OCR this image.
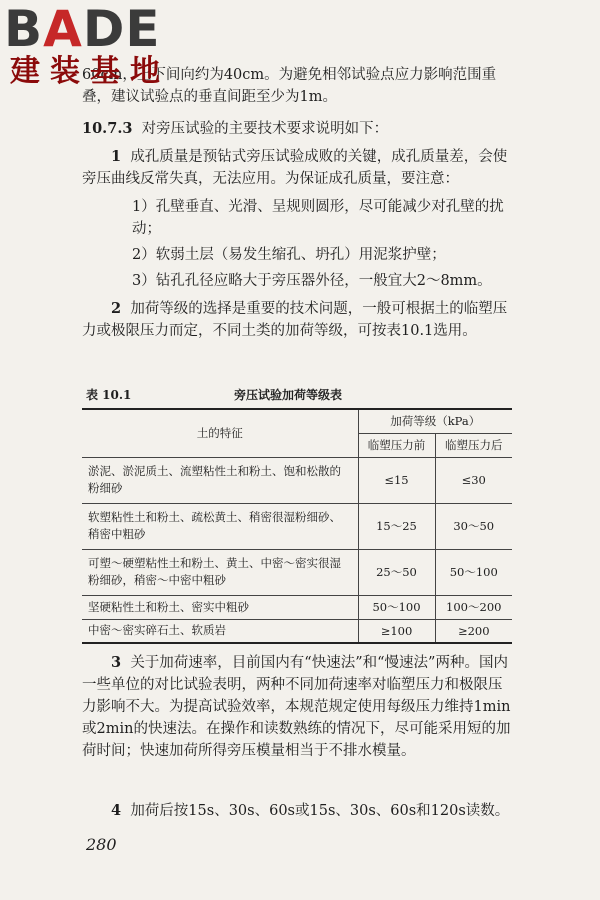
BADE
建装基地

60cm，上下间向约为40cm。为避免相邻试验点应力影响范围重叠，建议试验点的垂直间距至少为1m。

10.7.3 对旁压试验的主要技术要求说明如下：

1 成孔质量是预钻式旁压试验成败的关键，成孔质量差，会使旁压曲线反常失真，无法应用。为保证成孔质量，要注意：

1）孔壁垂直、光滑、呈规则圆形，尽可能减少对孔壁的扰动；

2）软弱土层（易发生缩孔、坍孔）用泥浆护壁；

3）钻孔孔径应略大于旁压器外径，一般宜大2～8mm。

2 加荷等级的选择是重要的技术问题，一般可根据土的临塑压力或极限压力而定，不同土类的加荷等级，可按表10.1选用。

表 10.1	旁压试验加荷等级表
土的特征	加荷等级（kPa）	
	临塑压力前	临塑压力后
淤泥、淤泥质土、流塑粘性土和粉土、饱和松散的粉细砂	≤15	≤30
软塑粘性土和粉土、疏松黄土、稍密很湿粉细砂、稍密中粗砂	15～25	30～50
可塑～硬塑粘性土和粉土、黄土、中密～密实很湿粉细砂，稍密～中密中粗砂	25～50	50～100
坚硬粘性土和粉土、密实中粗砂	50～100	100～200
中密～密实碎石土、软质岩	≥100	≥200

3 关于加荷速率，目前国内有“快速法”和“慢速法”两种。国内一些单位的对比试验表明，两种不同加荷速率对临塑压力和极限压力影响不大。为提高试验效率，本规范规定使用每级压力维持1min或2min的快速法。在操作和读数熟练的情况下，尽可能采用短的加荷时间；快速加荷所得旁压模量相当于不排水模量。

4 加荷后按15s、30s、60s或15s、30s、60s和120s读数。

280
